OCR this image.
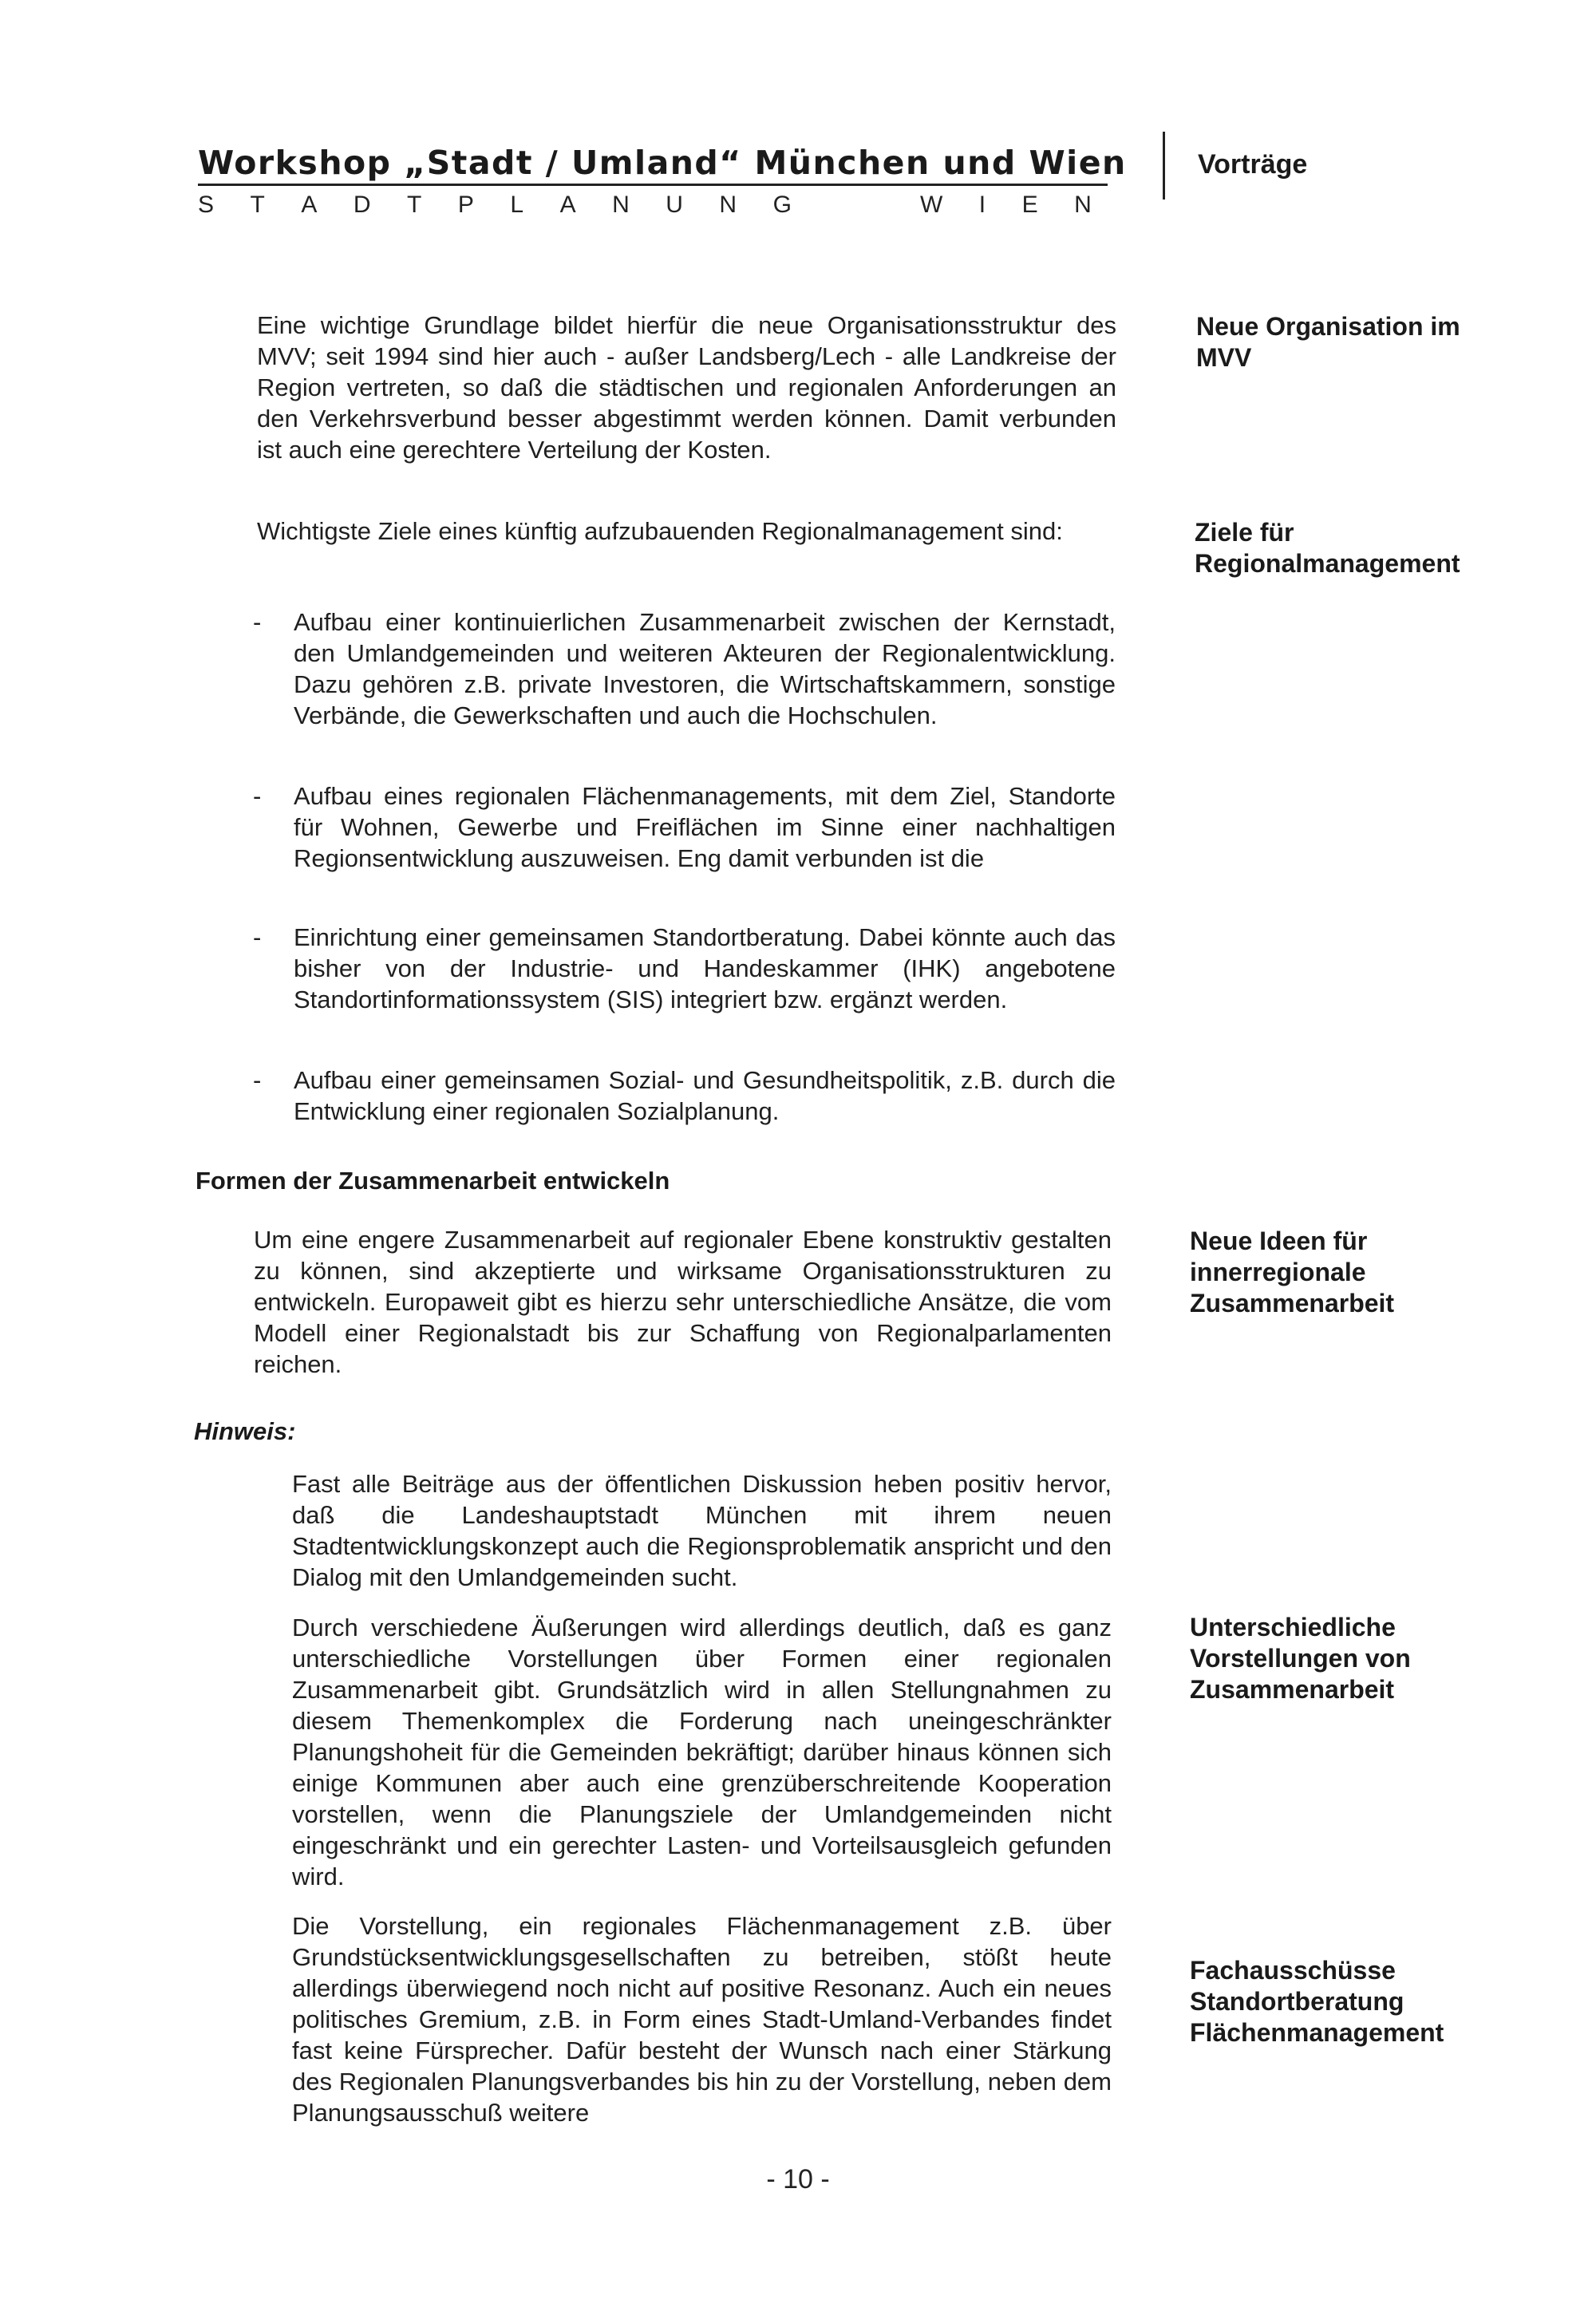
Workshop „Stadt / Umland“ München und Wien
S T A D T P L A N U N G	W I E N
Vorträge

Eine wichtige Grundlage bildet hierfür die neue Organisationsstruktur des MVV; seit 1994 sind hier auch - außer Landsberg/Lech - alle Landkreise der Region vertreten, so daß die städtischen und regionalen Anforderungen an den Verkehrsverbund besser abgestimmt werden können. Damit verbunden ist auch eine gerechtere Verteilung der Kosten.

Wichtigste Ziele eines künftig aufzubauenden Regionalmanagement sind:

- Aufbau einer kontinuierlichen Zusammenarbeit zwischen der Kernstadt, den Umlandgemeinden und weiteren Akteuren der Regionalentwicklung. Dazu gehören z.B. private Investoren, die Wirtschaftskammern, sonstige Verbände, die Gewerkschaften und auch die Hochschulen.

- Aufbau eines regionalen Flächenmanagements, mit dem Ziel, Standorte für Wohnen, Gewerbe und Freiflächen im Sinne einer nachhaltigen Regionsentwicklung auszuweisen. Eng damit verbunden ist die

- Einrichtung einer gemeinsamen Standortberatung. Dabei könnte auch das bisher von der Industrie- und Handeskammer (IHK) angebotene Standortinformationssystem (SIS) integriert bzw. ergänzt werden.

- Aufbau einer gemeinsamen Sozial- und Gesundheitspolitik, z.B. durch die Entwicklung einer regionalen Sozialplanung.

Formen der Zusammenarbeit entwickeln

Um eine engere Zusammenarbeit auf regionaler Ebene konstruktiv gestalten zu können, sind akzeptierte und wirksame Organisationsstrukturen zu entwickeln. Europaweit gibt es hierzu sehr unterschiedliche Ansätze, die vom Modell einer Regionalstadt bis zur Schaffung von Regionalparlamenten reichen.

Hinweis:

Fast alle Beiträge aus der öffentlichen Diskussion heben positiv hervor, daß die Landeshauptstadt München mit ihrem neuen Stadtentwicklungskonzept auch die Regionsproblematik anspricht und den Dialog mit den Umlandgemeinden sucht.

Durch verschiedene Äußerungen wird allerdings deutlich, daß es ganz unterschiedliche Vorstellungen über Formen einer regionalen Zusammenarbeit gibt. Grundsätzlich wird in allen Stellungnahmen zu diesem Themenkomplex die Forderung nach uneingeschränkter Planungshoheit für die Gemeinden bekräftigt; darüber hinaus können sich einige Kommunen aber auch eine grenzüberschreitende Kooperation vorstellen, wenn die Planungsziele der Umlandgemeinden nicht eingeschränkt und ein gerechter Lasten- und Vorteilsausgleich gefunden wird.

Die Vorstellung, ein regionales Flächenmanagement z.B. über Grundstücksentwicklungsgesellschaften zu betreiben, stößt heute allerdings überwiegend noch nicht auf positive Resonanz. Auch ein neues politisches Gremium, z.B. in Form eines Stadt-Umland-Verbandes findet fast keine Fürsprecher. Dafür besteht der Wunsch nach einer Stärkung des Regionalen Planungsverbandes bis hin zu der Vorstellung, neben dem Planungsausschuß weitere

Neue Organisation im
MVV

Ziele für
Regionalmanagement

Neue Ideen für
innerregionale
Zusammenarbeit

Unterschiedliche
Vorstellungen von
Zusammenarbeit

Fachausschüsse
Standortberatung
Flächenmanagement

- 10 -
